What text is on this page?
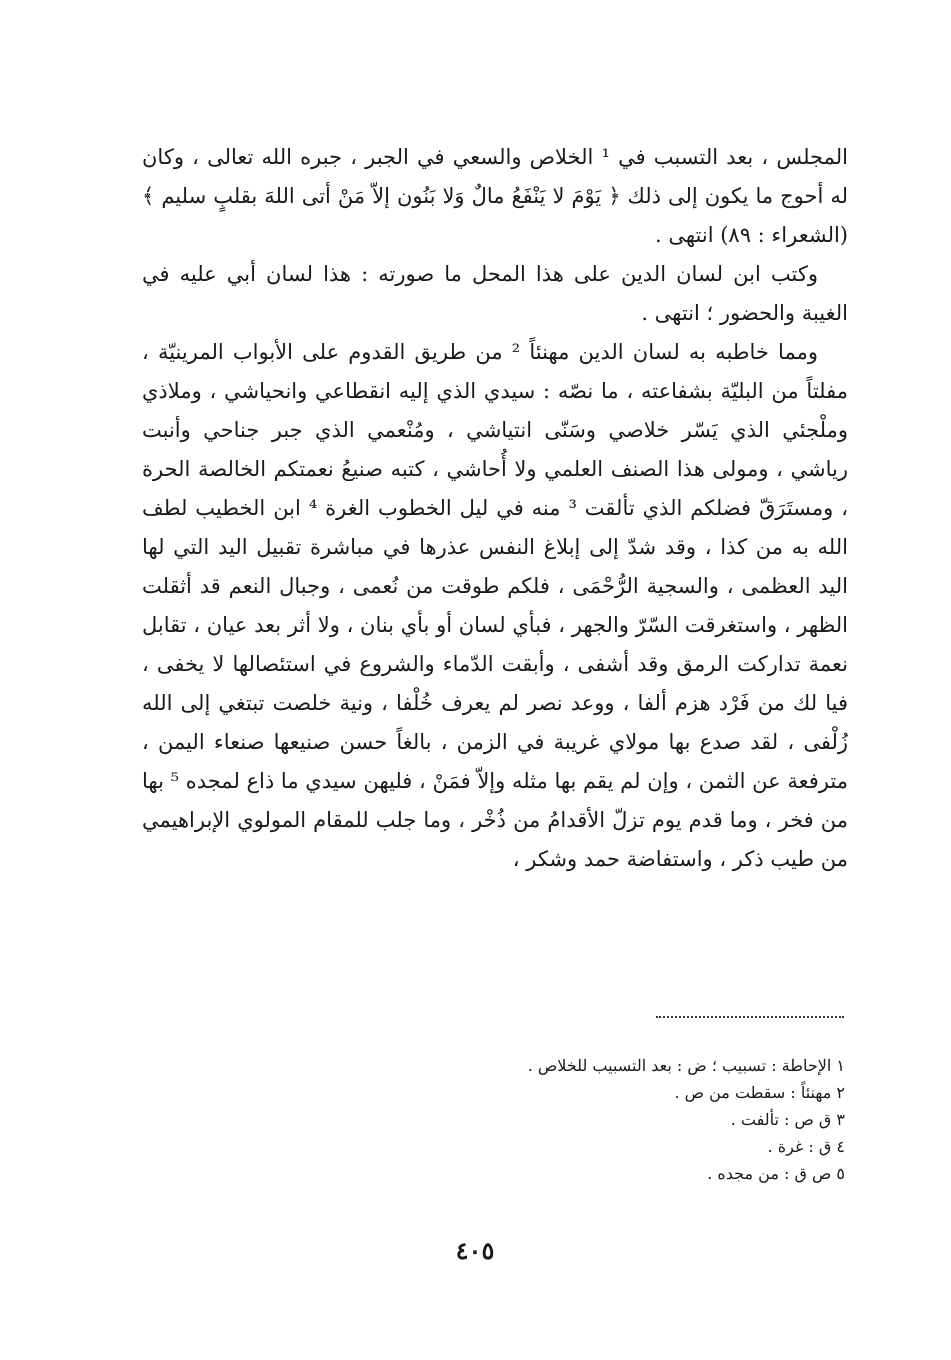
المجلس ، بعد التسبب في ¹ الخلاص والسعي في الجبر ، جبره الله تعالى ، وكان له أحوج ما يكون إلى ذلك ﴿ يَوْمَ لا يَنْفَعُ مالٌ وَلا بَنُون إلاّ مَنْ أتى اللهَ بقلبٍ سليم ﴾ (الشعراء : ٨٩) انتهى .

وكتب ابن لسان الدين على هذا المحل ما صورته : هذا لسان أبي عليه في الغيبة والحضور ؛ انتهى .

ومما خاطبه به لسان الدين مهنئاً ² من طريق القدوم على الأبواب المرينيّة ، مفلتاً من البليّة بشفاعته ، ما نصّه : سيدي الذي إليه انقطاعي وانحياشي ، وملاذي وملْجئي الذي يَسّر خلاصي وسَنّى انتياشي ، ومُنْعمي الذي جبر جناحي وأنبت رياشي ، ومولى هذا الصنف العلمي ولا أُحاشي ، كتبه صنيعُ نعمتكم الخالصة الحرة ، ومستَرَقّ فضلكم الذي تألقت ³ منه في ليل الخطوب الغرة ⁴ ابن الخطيب لطف الله به من كذا ، وقد شدّ إلى إبلاغ النفس عذرها في مباشرة تقبيل اليد التي لها اليد العظمى ، والسجية الرُّحْمَى ، فلكم طوقت من نُعمى ، وجبال النعم قد أثقلت الظهر ، واستغرقت السّرّ والجهر ، فبأي لسان أو بأي بنان ، ولا أثر بعد عيان ، تقابل نعمة تداركت الرمق وقد أشفى ، وأبقت الدّماء والشروع في استئصالها لا يخفى ، فيا لك من فَرْد هزم ألفا ، ووعد نصر لم يعرف خُلْفا ، ونية خلصت تبتغي إلى الله زُلْفى ، لقد صدع بها مولاي غريبة في الزمن ، بالغاً حسن صنيعها صنعاء اليمن ، مترفعة عن الثمن ، وإن لم يقم بها مثله وإلاّ فمَنْ ، فليهن سيدي ما ذاع لمجده ⁵ بها من فخر ، وما قدم يوم تزلّ الأقدامُ من ذُخْر ، وما جلب للمقام المولوي الإبراهيمي من طيب ذكر ، واستفاضة حمد وشكر ،

١ الإحاطة : تسبيب ؛ ض : بعد التسبيب للخلاص .

٢ مهنئاً : سقطت من ص .

٣ ق ص : تألفت .

٤ ق : غرة .

٥ ص ق : من مجده .

٤٠٥
